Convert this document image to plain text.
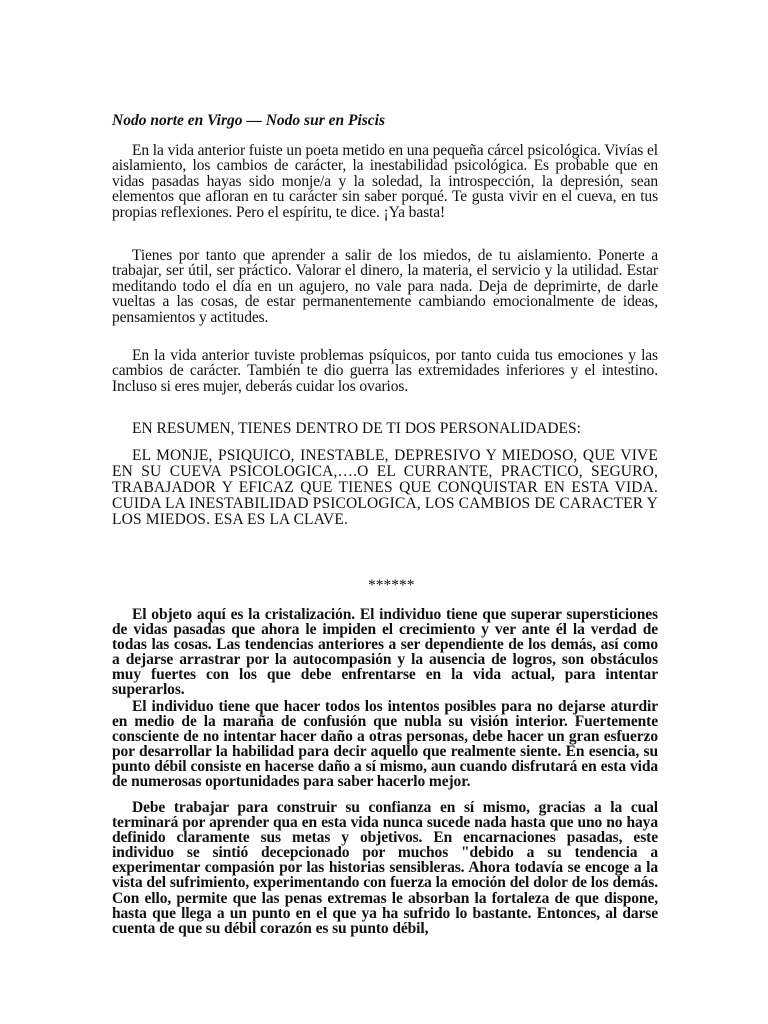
Nodo norte en Virgo — Nodo sur en Piscis

En la vida anterior fuiste un poeta metido en una pequeña cárcel psicológica. Vivías el aislamiento, los cambios de carácter, la inestabilidad psicológica. Es probable que en vidas pasadas hayas sido monje/a y la soledad, la introspección, la depresión, sean elementos que afloran en tu carácter sin saber porqué. Te gusta vivir en el cueva, en tus propias reflexiones. Pero el espíritu, te dice. ¡Ya basta!

Tienes por tanto que aprender a salir de los miedos, de tu aislamiento. Ponerte a trabajar, ser útil, ser práctico. Valorar el dinero, la materia, el servicio y la utilidad. Estar meditando todo el día en un agujero, no vale para nada. Deja de deprimirte, de darle vueltas a las cosas, de estar permanentemente cambiando emocionalmente de ideas, pensamientos y actitudes.

En la vida anterior tuviste problemas psíquicos, por tanto cuida tus emociones y las cambios de carácter. También te dio guerra las extremidades inferiores y el intestino. Incluso si eres mujer, deberás cuidar los ovarios.

EN RESUMEN, TIENES DENTRO DE TI DOS PERSONALIDADES:

EL MONJE, PSIQUICO, INESTABLE, DEPRESIVO Y MIEDOSO, QUE VIVE EN SU CUEVA PSICOLOGICA,….O EL CURRANTE, PRACTICO, SEGURO, TRABAJADOR Y EFICAZ QUE TIENES QUE CONQUISTAR EN ESTA VIDA. CUIDA LA INESTABILIDAD PSICOLOGICA, LOS CAMBIOS DE CARACTER Y LOS MIEDOS. ESA ES LA CLAVE.

******

El objeto aquí es la cristalización. El individuo tiene que superar supersticiones de vidas pasadas que ahora le impiden el crecimiento y ver ante él la verdad de todas las cosas. Las tendencias anteriores a ser dependiente de los demás, así como a dejarse arrastrar por la autocompasión y la ausencia de logros, son obstáculos muy fuertes con los que debe enfrentarse en la vida actual, para intentar superarlos.

El individuo tiene que hacer todos los intentos posibles para no dejarse aturdir en medio de la maraña de confusión que nubla su visión interior. Fuertemente consciente de no intentar hacer daño a otras personas, debe hacer un gran esfuerzo por desarrollar la habilidad para decir aquello que realmente siente. En esencia, su punto débil consiste en hacerse daño a sí mismo, aun cuando disfrutará en esta vida de numerosas oportunidades para saber hacerlo mejor.

Debe trabajar para construir su confianza en sí mismo, gracias a la cual terminará por aprender qua en esta vida nunca sucede nada hasta que uno no haya definido claramente sus metas y objetivos. En encarnaciones pasadas, este individuo se sintió decepcionado por muchos "debido a su tendencia a experimentar compasión por las historias sensibleras. Ahora todavía se encoge a la vista del sufrimiento, experimentando con fuerza la emoción del dolor de los demás. Con ello, permite que las penas extremas le absorban la fortaleza de que dispone, hasta que llega a un punto en el que ya ha sufrido lo bastante. Entonces, al darse cuenta de que su débil corazón es su punto débil,
